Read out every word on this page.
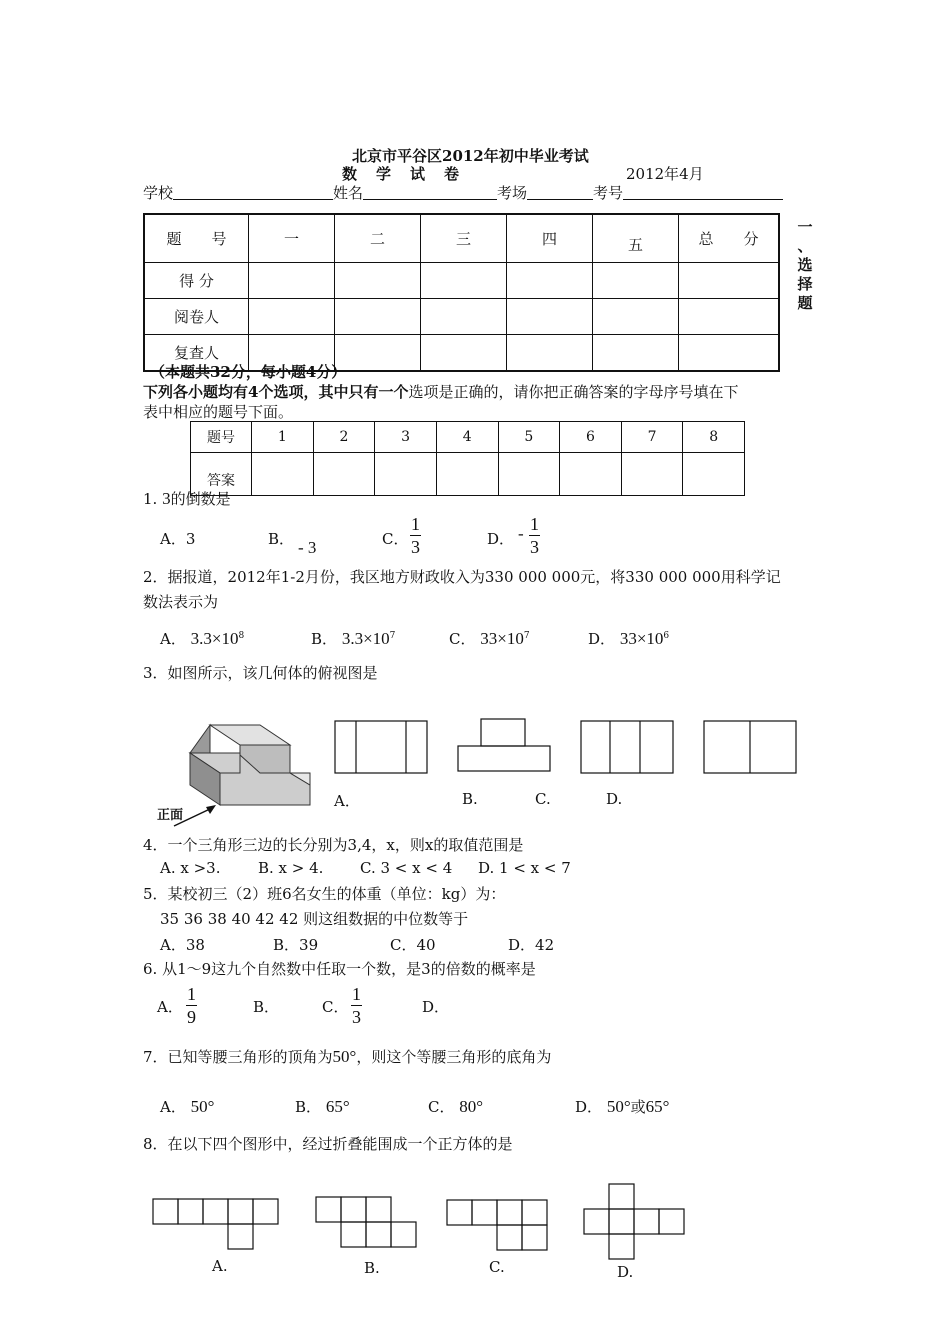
北京市平谷区2012年初中毕业考试
数　学　试　卷	2012年4月
学校	姓名	考场	考号
题　　号	一	二	三	四	五	总　　分
得 分						
阅卷人						
复查人						
一
、
选
择
题
（本题共32分，每小题4分）
下列各小题均有4个选项，其中只有一个选项是正确的，请你把正确答案的字母序号填在下
表中相应的题号下面。
题号	1	2	3	4	5	6	7	8
答案								
1. 3的倒数是
A．3	B． - 3	C． $\frac{1}{3}$	D． - $\frac{1}{3}$
2．据报道，2012年1-2月份，我区地方财政收入为330 000 000元，将330 000 000用科学记
数法表示为
A． $3.3\times 10^8$	B． $3.3\times 10^7$	C． $33\times 10^7$	D． $33\times 10^6$
3．如图所示，该几何体的俯视图是
正面
A．	B.	C.	D.
4．一个三角形三边的长分别为3,4，x，则x的取值范围是
A. x >3.	B. x > 4. C. 3 < x < 4 D. 1 < x < 7
5．某校初三（2）班6名女生的体重（单位：kg）为：
35 36 38 40 42 42 则这组数据的中位数等于
A．38	B．39	C．40	D．42
6. 从1～9这九个自然数中任取一个数，是3的倍数的概率是
A． $\frac{1}{9}$	B．	C． $\frac{1}{3}$	D．
7．已知等腰三角形的顶角为50°，则这个等腰三角形的底角为
A． 50°	B． 65°	C． 80°	D． 50°或65°
8．在以下四个图形中，经过折叠能围成一个正方体的是
A.	B.	C.	D.
